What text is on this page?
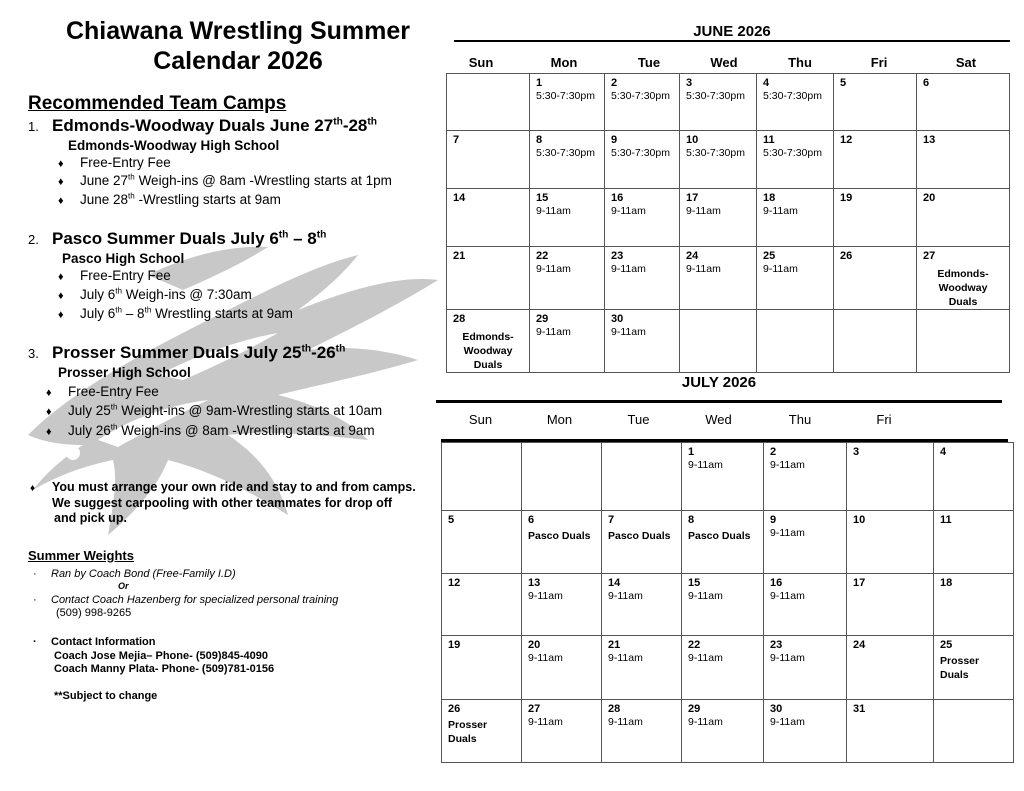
Chiawana Wrestling Summer Calendar 2026
Recommended Team Camps
1. Edmonds-Woodway Duals June 27th-28th
Edmonds-Woodway High School
♦ Free-Entry Fee
♦ June 27th Weigh-ins @ 8am -Wrestling starts at 1pm
♦ June 28th -Wrestling starts at 9am
2. Pasco Summer Duals July 6th – 8th
Pasco High School
♦ Free-Entry Fee
♦ July 6th Weigh-ins @ 7:30am
♦ July 6th – 8th Wrestling starts at 9am
3. Prosser Summer Duals July 25th-26th
Prosser High School
♦ Free-Entry Fee
♦ July 25th Weight-ins @ 9am-Wrestling starts at 10am
♦ July 26th Weigh-ins @ 8am -Wrestling starts at 9am
♦ You must arrange your own ride and stay to and from camps.
We suggest carpooling with other teammates for drop off
and pick up.
Summer Weights
· Ran by Coach Bond (Free-Family I.D)
Or
· Contact Coach Hazenberg for specialized personal training
(509) 998-9265
· Contact Information
Coach Jose Mejia– Phone- (509)845-4090
Coach Manny Plata- Phone- (509)781-0156
**Subject to change
JUNE 2026
Sun	Mon	Tue	Wed	Thu	Fri	Sat

	1
5:30-7:30pm	2
5:30-7:30pm	3
5:30-7:30pm	4
5:30-7:30pm	5	6

7	8
5:30-7:30pm	9
5:30-7:30pm	10
5:30-7:30pm	11
5:30-7:30pm	12	13

14	15
9-11am	16
9-11am	17
9-11am	18
9-11am	19	20

21	22
9-11am	23
9-11am	24
9-11am	25
9-11am	26	27
Edmonds-
Woodway
Duals

28
Edmonds-
Woodway
Duals	29
9-11am	30
9-11am				

JULY 2026
Sun	Mon	Tue	Wed	Thu	Fri

			1
9-11am	2
9-11am	3	4

5	6
Pasco Duals	7
Pasco Duals	8
Pasco Duals	9
9-11am	10	11

12	13
9-11am	14
9-11am	15
9-11am	16
9-11am	17	18

19	20
9-11am	21
9-11am	22
9-11am	23
9-11am	24	25
Prosser
Duals

26
Prosser
Duals	27
9-11am	28
9-11am	29
9-11am	30
9-11am	31	
